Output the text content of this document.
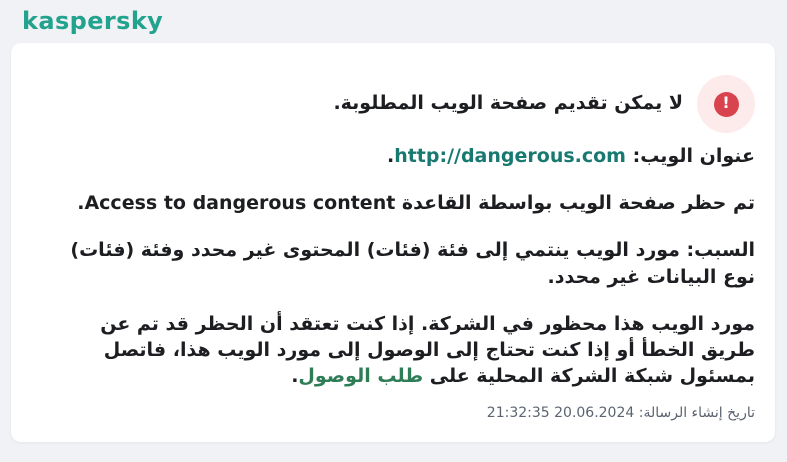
kaspersky
!
لا يمكن تقديم صفحة الويب المطلوبة.
عنوان الويب: http://dangerous.com.
تم حظر صفحة الويب بواسطة القاعدة Access to dangerous content.
السبب: مورد الويب ينتمي إلى فئة (فئات) المحتوى غير محدد وفئة (فئات) نوع البيانات غير محدد.
مورد الويب هذا محظور في الشركة. إذا كنت تعتقد أن الحظر قد تم عن طريق الخطأ أو إذا كنت تحتاج إلى الوصول إلى مورد الويب هذا، فاتصل بمسئول شبكة الشركة المحلية على طلب الوصول.
تاريخ إنشاء الرسالة: 20.06.2024 21:32:35
